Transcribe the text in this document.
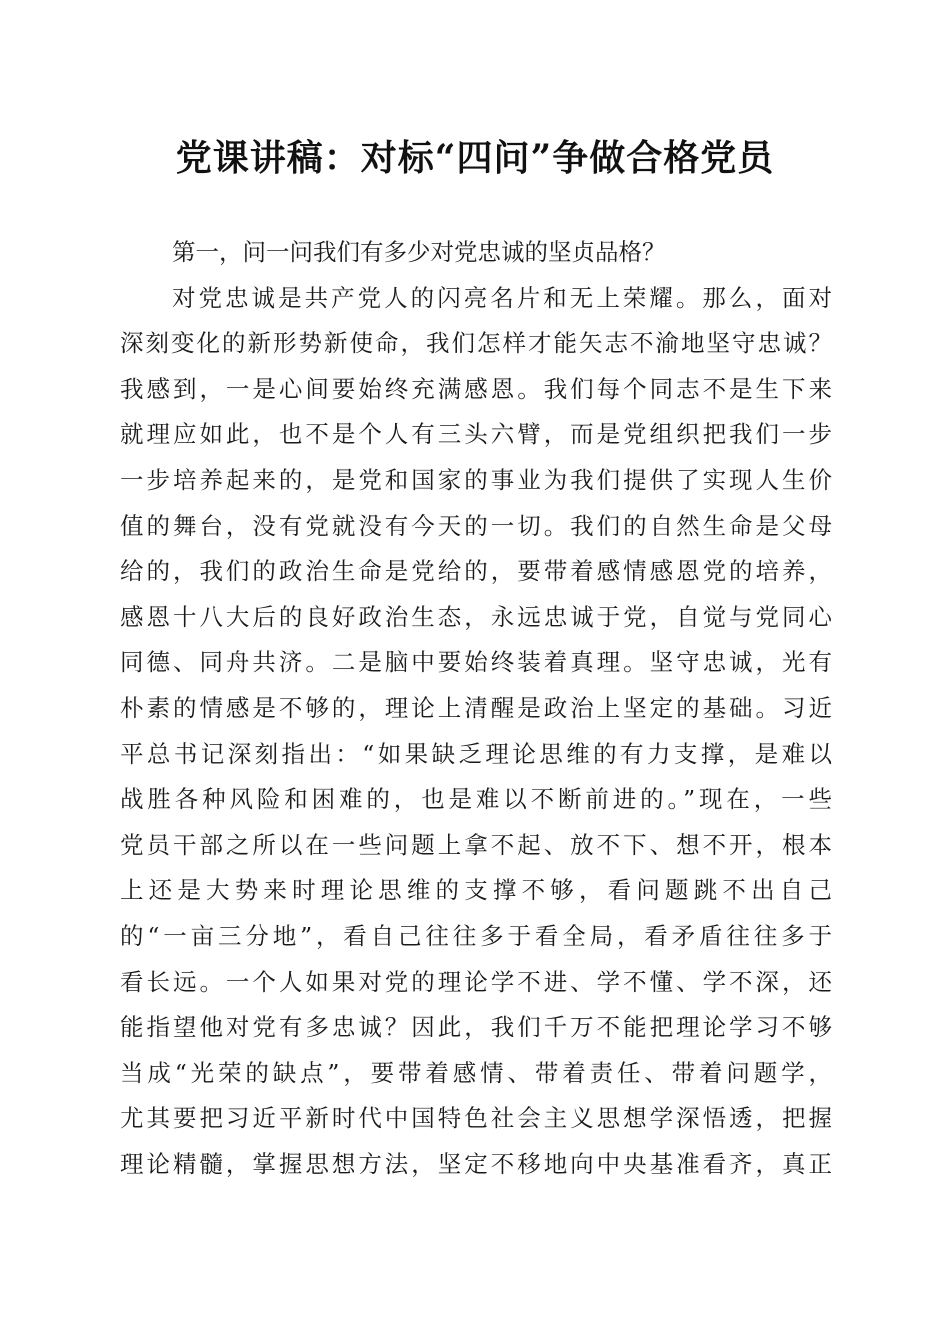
党课讲稿：对标“四问”争做合格党员
第一，问一问我们有多少对党忠诚的坚贞品格？
对党忠诚是共产党人的闪亮名片和无上荣耀。那么，面对
深刻变化的新形势新使命，我们怎样才能矢志不渝地坚守忠诚？
我感到，一是心间要始终充满感恩。我们每个同志不是生下来
就理应如此，也不是个人有三头六臂，而是党组织把我们一步
一步培养起来的，是党和国家的事业为我们提供了实现人生价
值的舞台，没有党就没有今天的一切。我们的自然生命是父母
给的，我们的政治生命是党给的，要带着感情感恩党的培养，
感恩十八大后的良好政治生态，永远忠诚于党，自觉与党同心
同德、同舟共济。二是脑中要始终装着真理。坚守忠诚，光有
朴素的情感是不够的，理论上清醒是政治上坚定的基础。习近
平总书记深刻指出：“如果缺乏理论思维的有力支撑，是难以
战胜各种风险和困难的，也是难以不断前进的。”现在，一些
党员干部之所以在一些问题上拿不起、放不下、想不开，根本
上还是大势来时理论思维的支撑不够，看问题跳不出自己
的“一亩三分地”，看自己往往多于看全局，看矛盾往往多于
看长远。一个人如果对党的理论学不进、学不懂、学不深，还
能指望他对党有多忠诚？因此，我们千万不能把理论学习不够
当成“光荣的缺点”，要带着感情、带着责任、带着问题学，
尤其要把习近平新时代中国特色社会主义思想学深悟透，把握
理论精髓，掌握思想方法，坚定不移地向中央基准看齐，真正
